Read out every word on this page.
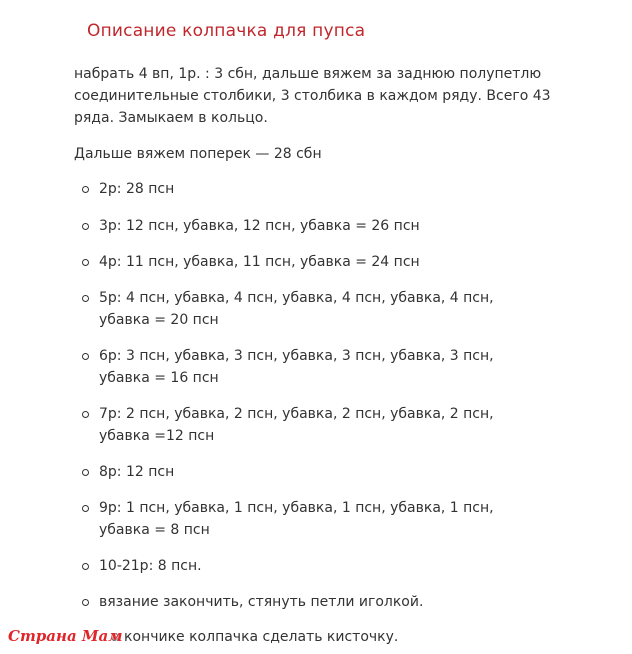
Описание колпачка для пупса

набрать 4 вп, 1р. : 3 сбн, дальше вяжем за заднюю полупетлю соединительные столбики, 3 столбика в каждом ряду. Всего 43 ряда. Замыкаем в кольцо.

Дальше вяжем поперек — 28 сбн

2р: 28 псн
3р: 12 псн, убавка, 12 псн, убавка = 26 псн
4р: 11 псн, убавка, 11 псн, убавка = 24 псн
5р: 4 псн, убавка, 4 псн, убавка, 4 псн, убавка, 4 псн, убавка = 20 псн
6р: 3 псн, убавка, 3 псн, убавка, 3 псн, убавка, 3 псн, убавка = 16 псн
7р: 2 псн, убавка, 2 псн, убавка, 2 псн, убавка, 2 псн, убавка =12 псн
8р: 12 псн
9р: 1 псн, убавка, 1 псн, убавка, 1 псн, убавка, 1 псн, убавка = 8 псн
10-21р: 8 псн.
вязание закончить, стянуть петли иголкой.

а кончике колпачка сделать кисточку.

Страна Мам
